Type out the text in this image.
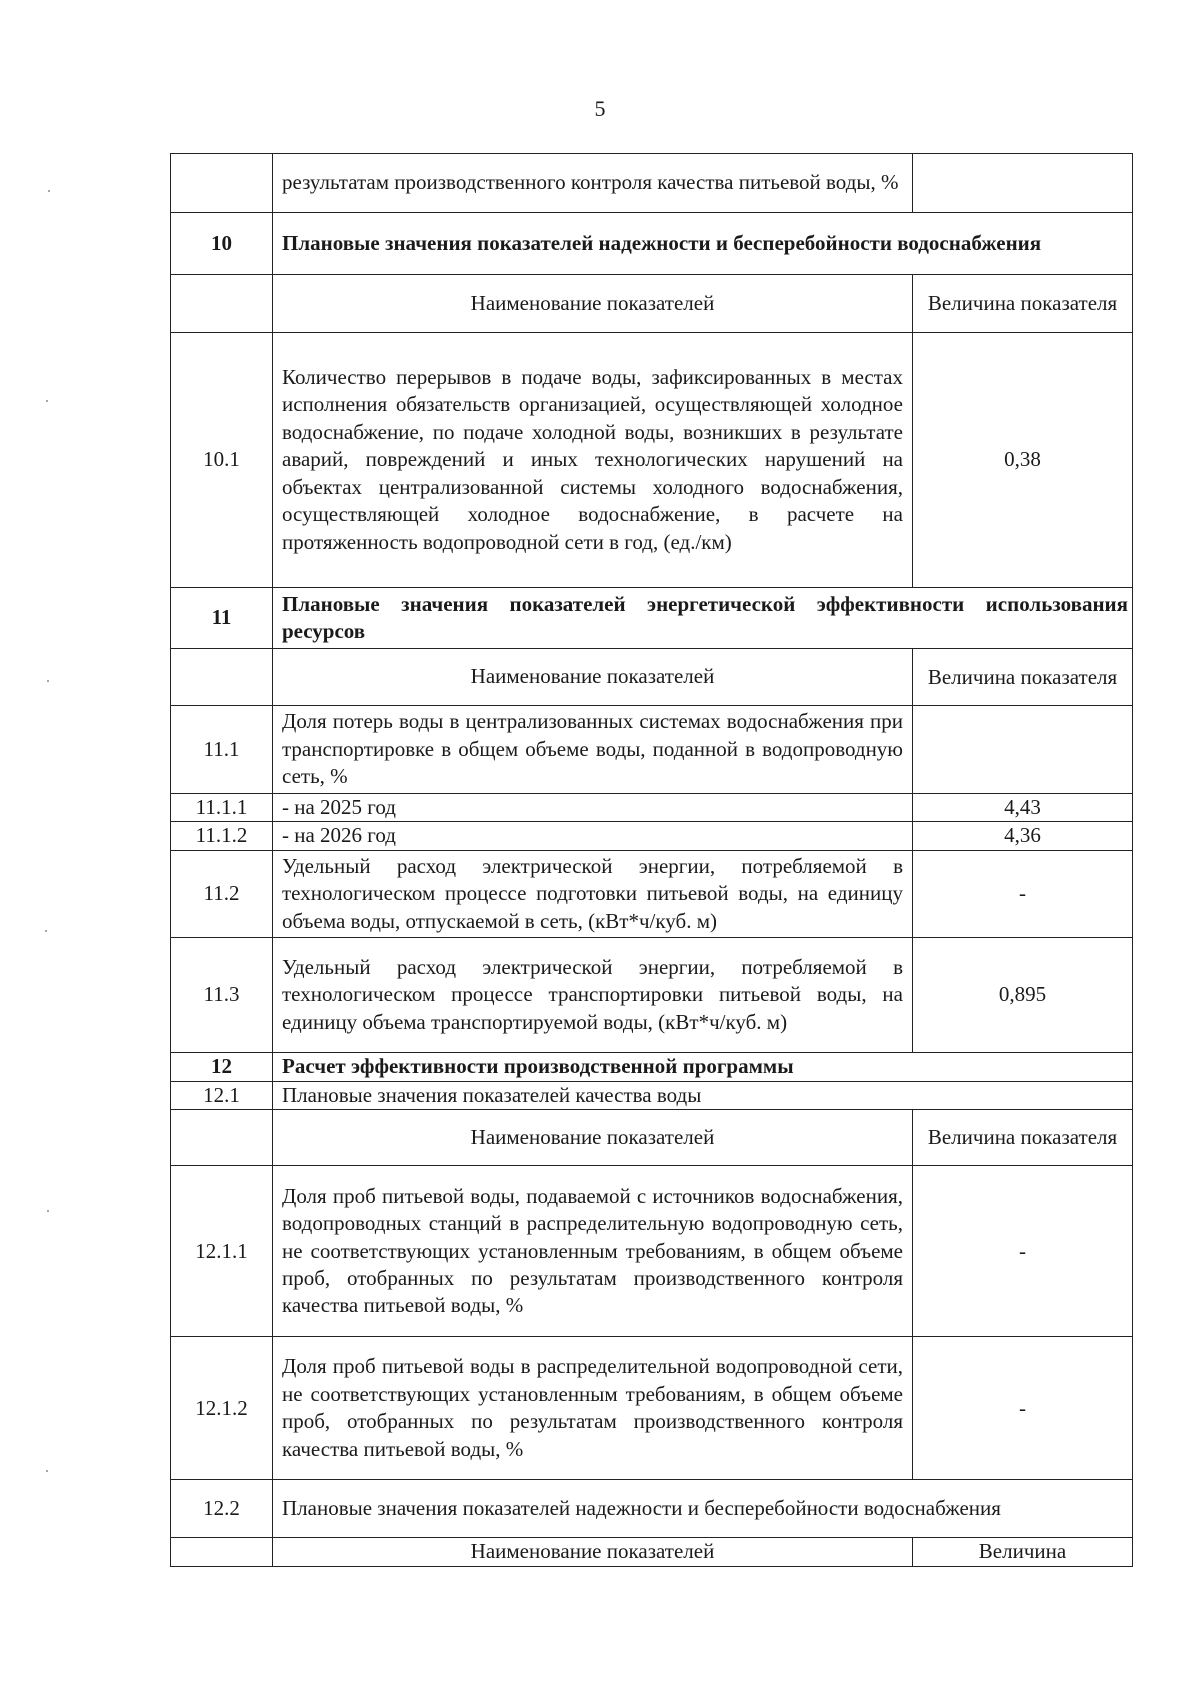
5
	результатам производственного контроля качества питьевой воды, %	
10	Плановые значения показателей надежности и бесперебойности водоснабжения	
	Наименование показателей	Величина показателя
10.1	Количество перерывов в подаче воды, зафиксированных в местах исполнения обязательств организацией, осуществляющей холодное водоснабжение, по подаче холодной воды, возникших в результате аварий, повреждений и иных технологических нарушений на объектах централизованной системы холодного водоснабжения, осуществляющей холодное водоснабжение, в расчете на протяженность водопроводной сети в год, (ед./км)	0,38
11	Плановые значения показателей энергетической эффективности использования ресурсов	
	Наименование показателей	Величина показателя
11.1	Доля потерь воды в централизованных системах водоснабжения при транспортировке в общем объеме воды, поданной в водопроводную сеть, %	
11.1.1	- на 2025 год	4,43
11.1.2	- на 2026 год	4,36
11.2	Удельный расход электрической энергии, потребляемой в технологическом процессе подготовки питьевой воды, на единицу объема воды, отпускаемой в сеть, (кВт*ч/куб. м)	-
11.3	Удельный расход электрической энергии, потребляемой в технологическом процессе транспортировки питьевой воды, на единицу объема транспортируемой воды, (кВт*ч/куб. м)	0,895
12	Расчет эффективности производственной программы	
12.1	Плановые значения показателей качества воды	
	Наименование показателей	Величина показателя
12.1.1	Доля проб питьевой воды, подаваемой с источников водоснабжения, водопроводных станций в распределительную водопроводную сеть, не соответствующих установленным требованиям, в общем объеме проб, отобранных по результатам производственного контроля качества питьевой воды, %	-
12.1.2	Доля проб питьевой воды в распределительной водопроводной сети, не соответствующих установленным требованиям, в общем объеме проб, отобранных по результатам производственного контроля качества питьевой воды, %	-
12.2	Плановые значения показателей надежности и бесперебойности водоснабжения	
	Наименование показателей	Величина
